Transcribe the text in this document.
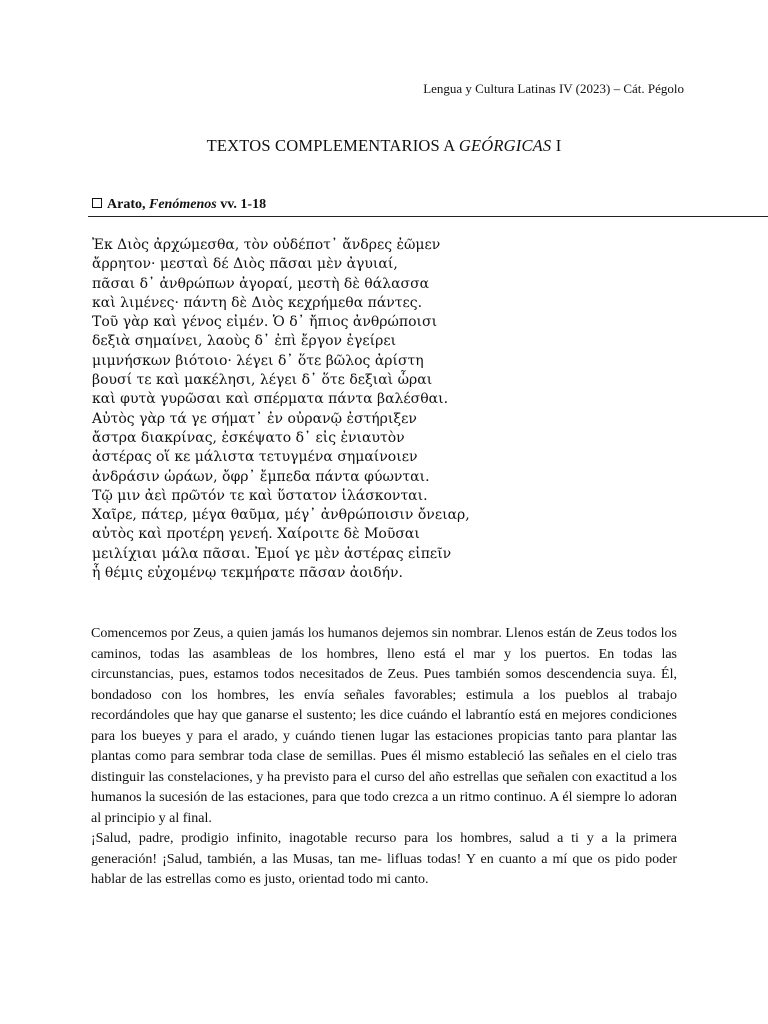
Lengua y Cultura Latinas IV (2023) – Cát. Pégolo
TEXTOS COMPLEMENTARIOS A GEÓRGICAS I
Arato, Fenómenos vv. 1-18
Ἐκ Διὸς ἀρχώμεσθα, τὸν οὐδέποτ᾽ ἄνδρες ἐῶμεν
ἄρρητον· μεσταὶ δέ Διὸς πᾶσαι μὲν ἀγυιαί,
πᾶσαι δ᾽ ἀνθρώπων ἀγοραί, μεστὴ δὲ θάλασσα
καὶ λιμένες· πάντη δὲ Διὸς κεχρήμεθα πάντες.
Τοῦ γὰρ καὶ γένος εἰμέν. Ὁ δ᾽ ἤπιος ἀνθρώποισι
δεξιὰ σημαίνει, λαοὺς δ᾽ ἐπὶ ἔργον ἐγείρει
μιμνήσκων βιότοιο· λέγει δ᾽ ὅτε βῶλος ἀρίστη
βουσί τε καὶ μακέλησι, λέγει δ᾽ ὅτε δεξιαὶ ὧραι
καὶ φυτὰ γυρῶσαι καὶ σπέρματα πάντα βαλέσθαι.
Αὐτὸς γὰρ τά γε σήματ᾽ ἐν οὐρανῷ ἐστήριξεν
ἄστρα διακρίνας, ἐσκέψατο δ᾽ εἰς ἐνιαυτὸν
ἀστέρας οἵ κε μάλιστα τετυγμένα σημαίνοιεν
ἀνδράσιν ὡράων, ὄφρ᾽ ἔμπεδα πάντα φύωνται.
Τῷ μιν ἀεὶ πρῶτόν τε καὶ ὕστατον ἱλάσκονται.
Χαῖρε, πάτερ, μέγα θαῦμα, μέγ᾽ ἀνθρώποισιν ὄνειαρ,
αὐτὸς καὶ προτέρη γενεή. Χαίροιτε δὲ Μοῦσαι
μειλίχιαι μάλα πᾶσαι. Ἐμοί γε μὲν ἀστέρας εἰπεῖν
ἧ θέμις εὐχομένῳ τεκμήρατε πᾶσαν ἀοιδήν.

Comencemos por Zeus, a quien jamás los humanos dejemos sin nombrar. Llenos están de Zeus todos los caminos, todas las asambleas de los hombres, lleno está el mar y los puertos. En todas las circunstancias, pues, estamos todos necesitados de Zeus. Pues también somos descendencia suya. Él, bondadoso con los hombres, les envía señales favorables; estimula a los pueblos al trabajo recordándoles que hay que ganarse el sustento; les dice cuándo el labrantío está en mejores condiciones para los bueyes y para el arado, y cuándo tienen lugar las estaciones propicias tanto para plantar las plantas como para sembrar toda clase de semillas. Pues él mismo estableció las señales en el cielo tras distinguir las constelaciones, y ha previsto para el curso del año estrellas que señalen con exactitud a los humanos la sucesión de las estaciones, para que todo crezca a un ritmo continuo. A él siempre lo adoran al principio y al final.

¡Salud, padre, prodigio infinito, inagotable recurso para los hombres, salud a ti y a la primera generación! ¡Salud, también, a las Musas, tan me- lifluas todas! Y en cuanto a mí que os pido poder hablar de las estrellas como es justo, orientad todo mi canto.
